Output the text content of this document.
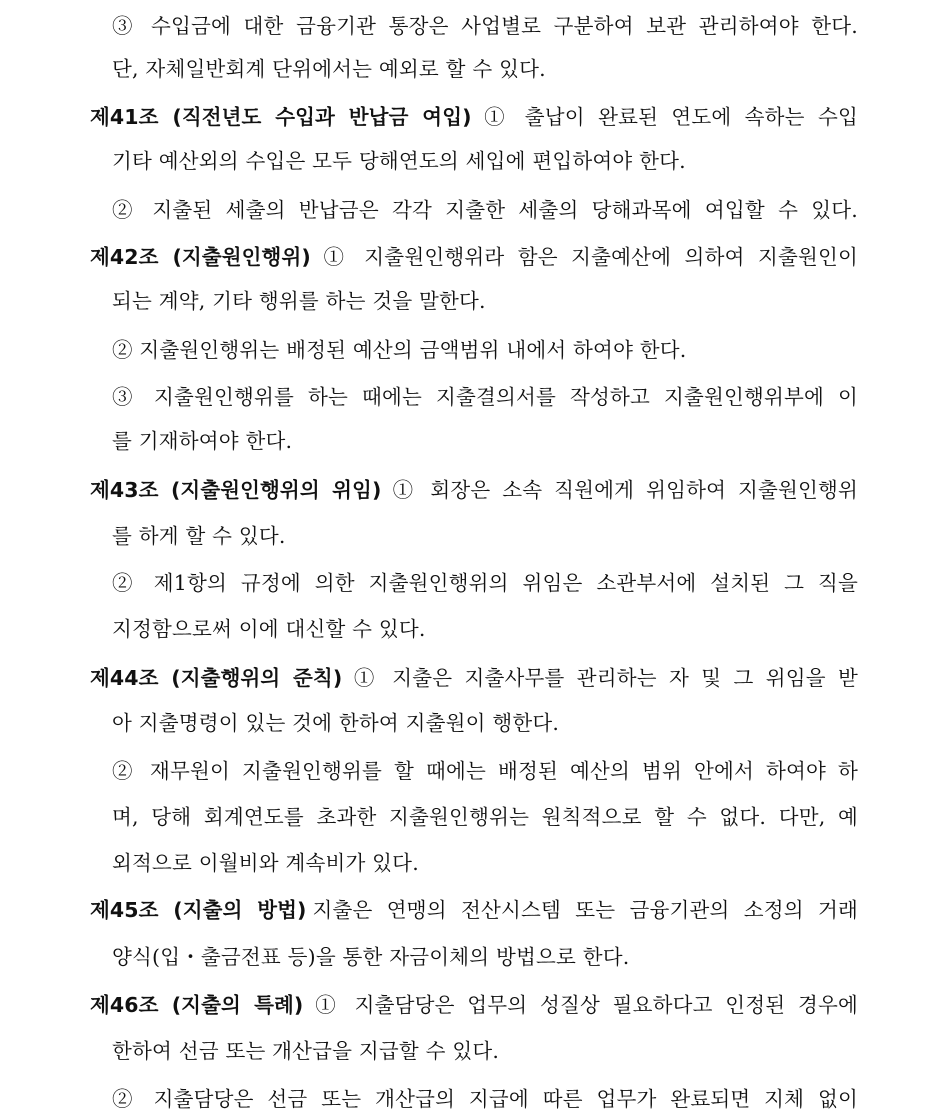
③ 수입금에 대한 금융기관 통장은 사업별로 구분하여 보관 관리하여야 한다.
단, 자체일반회계 단위에서는 예외로 할 수 있다.
제41조 (직전년도 수입과 반납금 여입) ① 출납이 완료된 연도에 속하는 수입
기타 예산외의 수입은 모두 당해연도의 세입에 편입하여야 한다.
② 지출된 세출의 반납금은 각각 지출한 세출의 당해과목에 여입할 수 있다.
제42조 (지출원인행위) ① 지출원인행위라 함은 지출예산에 의하여 지출원인이
되는 계약, 기타 행위를 하는 것을 말한다.
② 지출원인행위는 배정된 예산의 금액범위 내에서 하여야 한다.
③ 지출원인행위를 하는 때에는 지출결의서를 작성하고 지출원인행위부에 이
를 기재하여야 한다.
제43조 (지출원인행위의 위임) ① 회장은 소속 직원에게 위임하여 지출원인행위
를 하게 할 수 있다.
② 제1항의 규정에 의한 지출원인행위의 위임은 소관부서에 설치된 그 직을
지정함으로써 이에 대신할 수 있다.
제44조 (지출행위의 준칙) ① 지출은 지출사무를 관리하는 자 및 그 위임을 받
아 지출명령이 있는 것에 한하여 지출원이 행한다.
② 재무원이 지출원인행위를 할 때에는 배정된 예산의 범위 안에서 하여야 하
며, 당해 회계연도를 초과한 지출원인행위는 원칙적으로 할 수 없다. 다만, 예
외적으로 이월비와 계속비가 있다.
제45조 (지출의 방법) 지출은 연맹의 전산시스템 또는 금융기관의 소정의 거래
양식(입・출금전표 등)을 통한 자금이체의 방법으로 한다.
제46조 (지출의 특례) ① 지출담당은 업무의 성질상 필요하다고 인정된 경우에
한하여 선금 또는 개산급을 지급할 수 있다.
② 지출담당은 선금 또는 개산급의 지급에 따른 업무가 완료되면 지체 없이
